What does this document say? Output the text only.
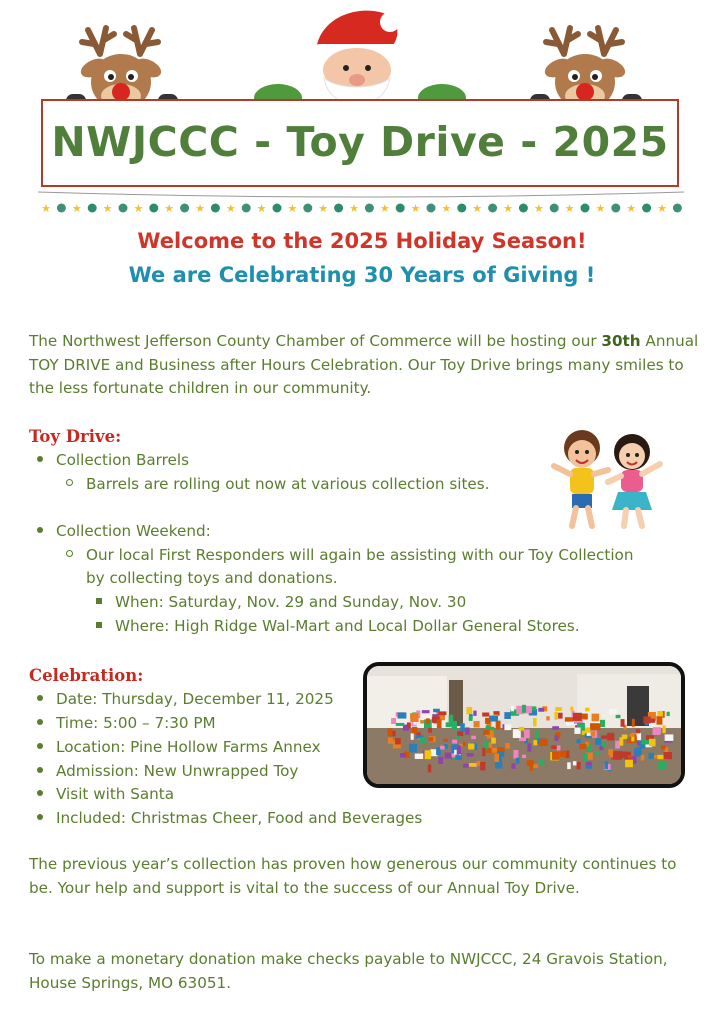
NWJCCC - Toy Drive - 2025
★ ★ ★ ★ ★ ★ ★ ★ ★ ★ ★ ★ ★ ★ ★ ★ ★ ★ ★ ★ ★
Welcome to the 2025 Holiday Season!
We are Celebrating 30 Years of Giving !
The Northwest Jefferson County Chamber of Commerce will be hosting our 30th Annual TOY DRIVE and Business after Hours Celebration. Our Toy Drive brings many smiles to the less fortunate children in our community.
Toy Drive:
Collection Barrels
Barrels are rolling out now at various collection sites.
Collection Weekend:
Our local First Responders will again be assisting with our Toy Collection
by collecting toys and donations.
When: Saturday, Nov. 29 and Sunday, Nov. 30
Where: High Ridge Wal-Mart and Local Dollar General Stores.
Celebration:
Date: Thursday, December 11, 2025
Time: 5:00 – 7:30 PM
Location: Pine Hollow Farms Annex
Admission: New Unwrapped Toy
Visit with Santa
Included: Christmas Cheer, Food and Beverages
The previous year’s collection has proven how generous our community continues to be. Your help and support is vital to the success of our Annual Toy Drive.
To make a monetary donation make checks payable to NWJCCC, 24 Gravois Station, House Springs, MO 63051.
